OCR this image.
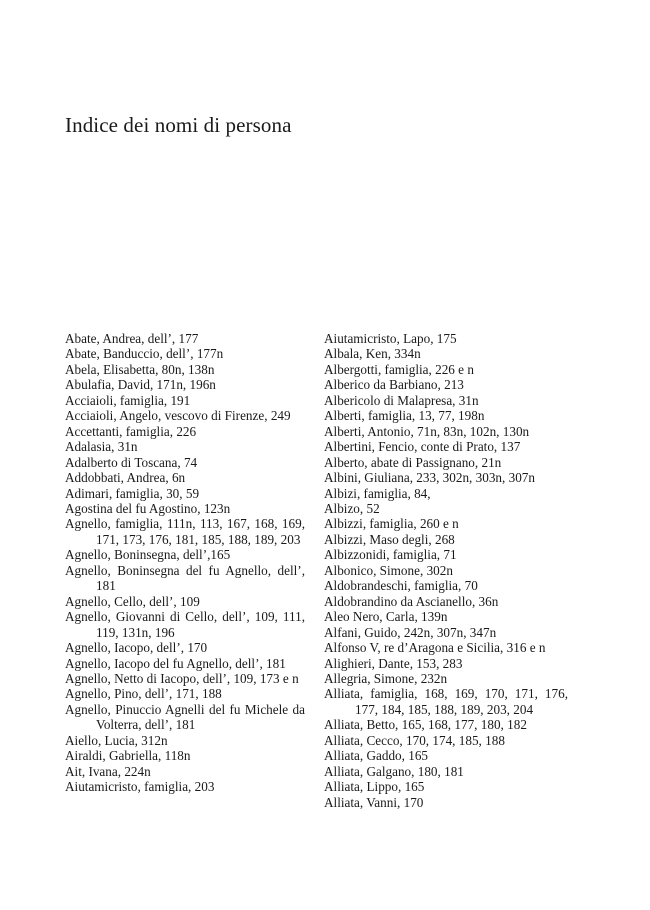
Indice dei nomi di persona
Abate, Andrea, dell’, 177
Abate, Banduccio, dell’, 177n
Abela, Elisabetta, 80n, 138n
Abulafia, David, 171n, 196n
Acciaioli, famiglia, 191
Acciaioli, Angelo, vescovo di Firenze, 249
Accettanti, famiglia, 226
Adalasia, 31n
Adalberto di Toscana, 74
Addobbati, Andrea, 6n
Adimari, famiglia, 30, 59
Agostina del fu Agostino, 123n
Agnello, famiglia, 111n, 113, 167, 168, 169, 171, 173, 176, 181, 185, 188, 189, 203
Agnello, Boninsegna, dell’,165
Agnello, Boninsegna del fu Agnello, dell’, 181
Agnello, Cello, dell’, 109
Agnello, Giovanni di Cello, dell’, 109, 111, 119, 131n, 196
Agnello, Iacopo, dell’, 170
Agnello, Iacopo del fu Agnello, dell’, 181
Agnello, Netto di Iacopo, dell’, 109, 173 e n
Agnello, Pino, dell’, 171, 188
Agnello, Pinuccio Agnelli del fu Michele da Volterra, dell’, 181
Aiello, Lucia, 312n
Airaldi, Gabriella, 118n
Ait, Ivana, 224n
Aiutamicristo, famiglia, 203
Aiutamicristo, Lapo, 175
Albala, Ken, 334n
Albergotti, famiglia, 226 e n
Alberico da Barbiano, 213
Albericolo di Malapresa, 31n
Alberti, famiglia, 13, 77, 198n
Alberti, Antonio, 71n, 83n, 102n, 130n
Albertini, Fencio, conte di Prato, 137
Alberto, abate di Passignano, 21n
Albini, Giuliana, 233, 302n, 303n, 307n
Albizi, famiglia, 84,
Albizo, 52
Albizzi, famiglia, 260 e n
Albizzi, Maso degli, 268
Albizzonidi, famiglia, 71
Albonico, Simone, 302n
Aldobrandeschi, famiglia, 70
Aldobrandino da Ascianello, 36n
Aleo Nero, Carla, 139n
Alfani, Guido, 242n, 307n, 347n
Alfonso V, re d’Aragona e Sicilia, 316 e n
Alighieri, Dante, 153, 283
Allegria, Simone, 232n
Alliata, famiglia, 168, 169, 170, 171, 176, 177, 184, 185, 188, 189, 203, 204
Alliata, Betto, 165, 168, 177, 180, 182
Alliata, Cecco, 170, 174, 185, 188
Alliata, Gaddo, 165
Alliata, Galgano, 180, 181
Alliata, Lippo, 165
Alliata, Vanni, 170
